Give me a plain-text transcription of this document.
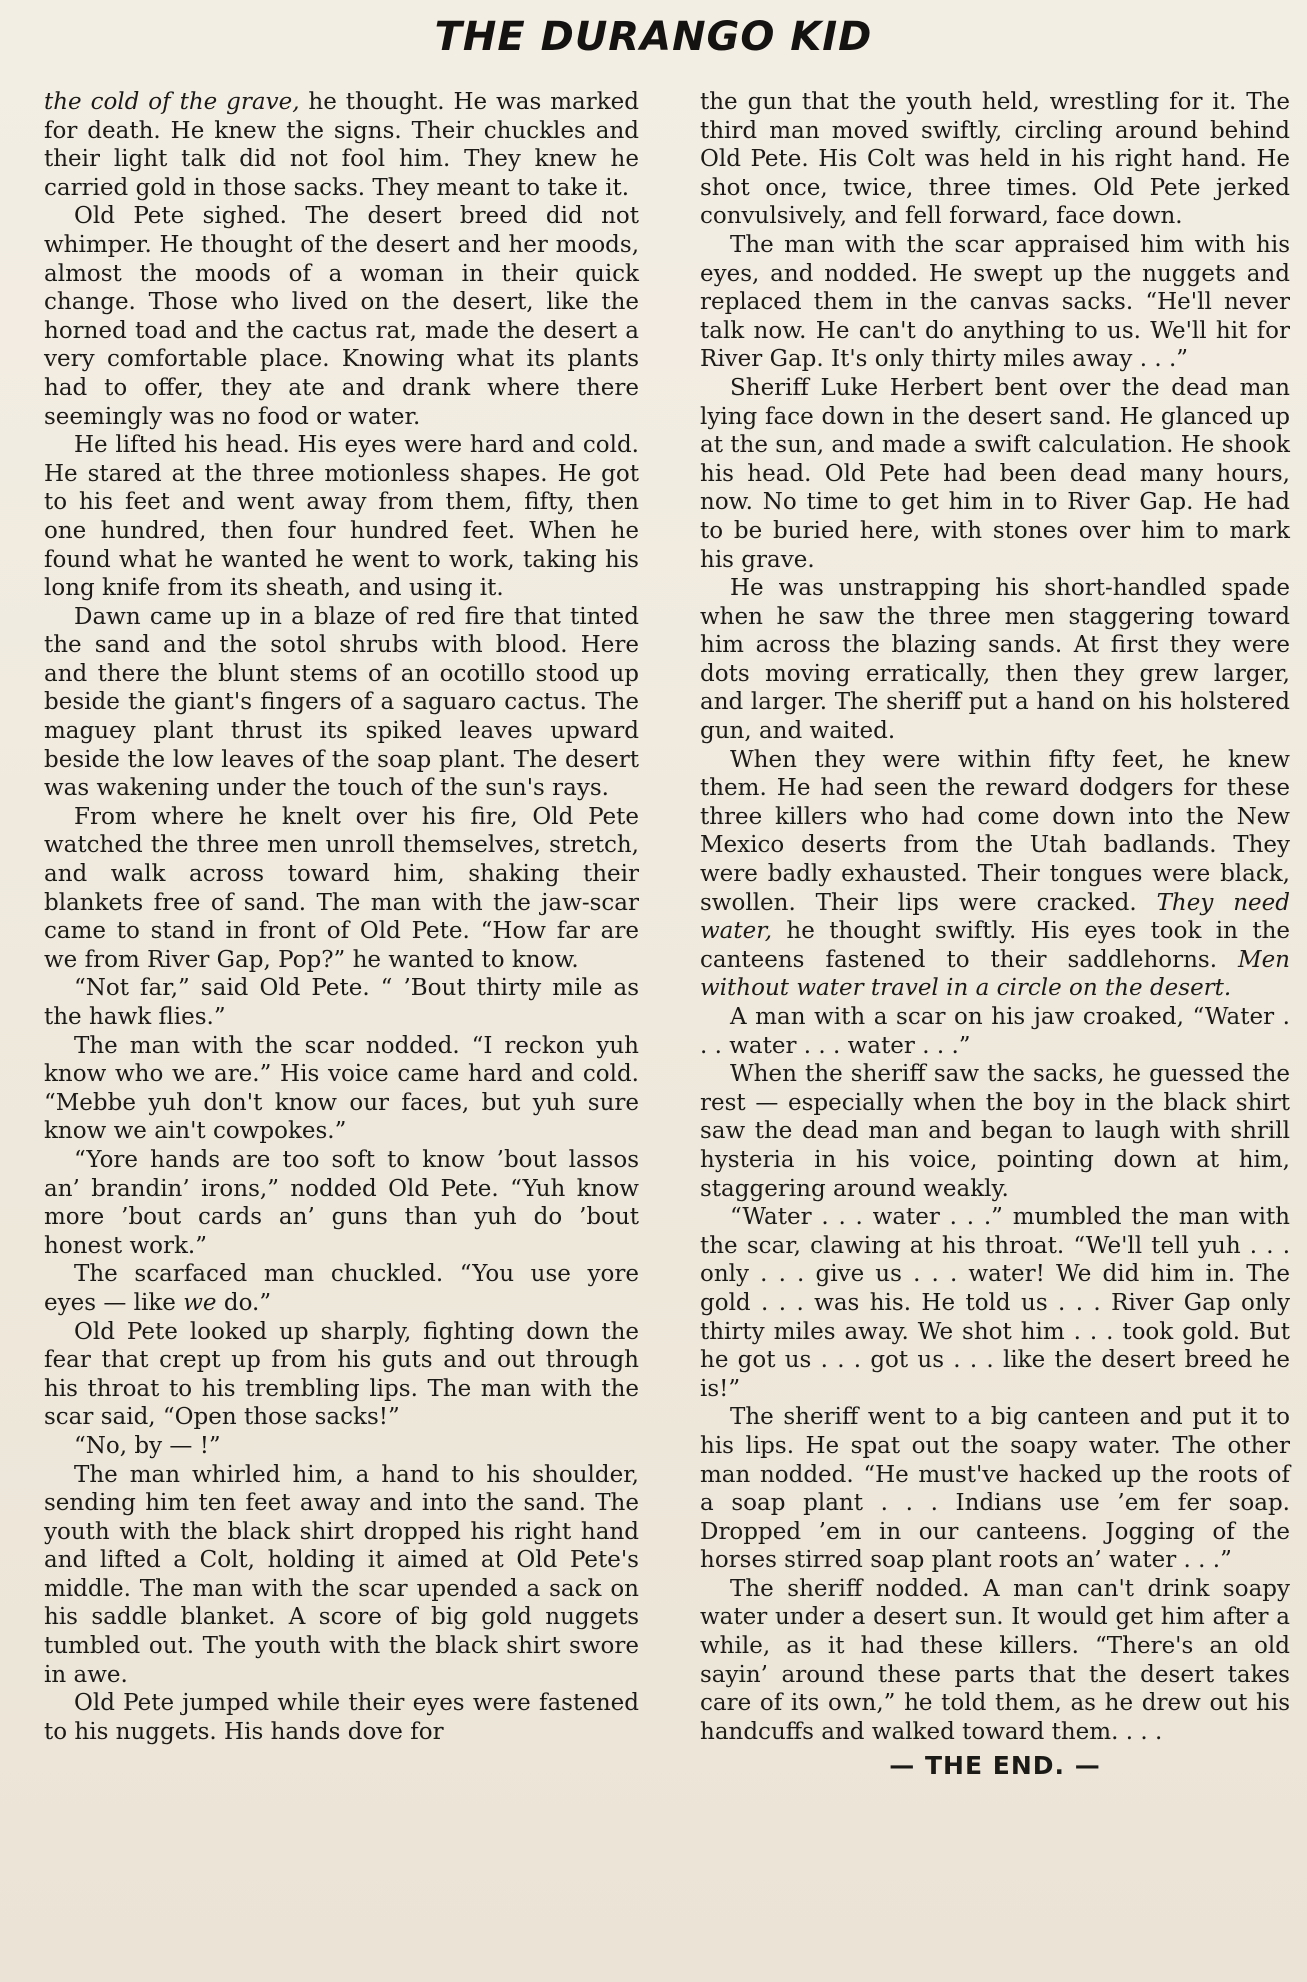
THE DURANGO KID

the cold of the grave, he thought. He was marked for death. He knew the signs. Their chuckles and their light talk did not fool him. They knew he carried gold in those sacks. They meant to take it.

Old Pete sighed. The desert breed did not whimper. He thought of the desert and her moods, almost the moods of a woman in their quick change. Those who lived on the desert, like the horned toad and the cactus rat, made the desert a very comfortable place. Knowing what its plants had to offer, they ate and drank where there seemingly was no food or water.

He lifted his head. His eyes were hard and cold. He stared at the three motionless shapes. He got to his feet and went away from them, fifty, then one hundred, then four hundred feet. When he found what he wanted he went to work, taking his long knife from its sheath, and using it.

Dawn came up in a blaze of red fire that tinted the sand and the sotol shrubs with blood. Here and there the blunt stems of an ocotillo stood up beside the giant's fingers of a saguaro cactus. The maguey plant thrust its spiked leaves upward beside the low leaves of the soap plant. The desert was wakening under the touch of the sun's rays.

From where he knelt over his fire, Old Pete watched the three men unroll themselves, stretch, and walk across toward him, shaking their blankets free of sand. The man with the jaw-scar came to stand in front of Old Pete. “How far are we from River Gap, Pop?” he wanted to know.

“Not far,” said Old Pete. “ ’Bout thirty mile as the hawk flies.”

The man with the scar nodded. “I reckon yuh know who we are.” His voice came hard and cold. “Mebbe yuh don't know our faces, but yuh sure know we ain't cowpokes.”

“Yore hands are too soft to know ’bout lassos an’ brandin’ irons,” nodded Old Pete. “Yuh know more ’bout cards an’ guns than yuh do ’bout honest work.”

The scarfaced man chuckled. “You use yore eyes — like we do.”

Old Pete looked up sharply, fighting down the fear that crept up from his guts and out through his throat to his trembling lips. The man with the scar said, “Open those sacks!”

“No, by — !”

The man whirled him, a hand to his shoulder, sending him ten feet away and into the sand. The youth with the black shirt dropped his right hand and lifted a Colt, holding it aimed at Old Pete's middle. The man with the scar upended a sack on his saddle blanket. A score of big gold nuggets tumbled out. The youth with the black shirt swore in awe.

Old Pete jumped while their eyes were fastened to his nuggets. His hands dove for

the gun that the youth held, wrestling for it. The third man moved swiftly, circling around behind Old Pete. His Colt was held in his right hand. He shot once, twice, three times. Old Pete jerked convulsively, and fell forward, face down.

The man with the scar appraised him with his eyes, and nodded. He swept up the nuggets and replaced them in the canvas sacks. “He'll never talk now. He can't do anything to us. We'll hit for River Gap. It's only thirty miles away . . .”

Sheriff Luke Herbert bent over the dead man lying face down in the desert sand. He glanced up at the sun, and made a swift calculation. He shook his head. Old Pete had been dead many hours, now. No time to get him in to River Gap. He had to be buried here, with stones over him to mark his grave.

He was unstrapping his short-handled spade when he saw the three men staggering toward him across the blazing sands. At first they were dots moving erratically, then they grew larger, and larger. The sheriff put a hand on his holstered gun, and waited.

When they were within fifty feet, he knew them. He had seen the reward dodgers for these three killers who had come down into the New Mexico deserts from the Utah badlands. They were badly exhausted. Their tongues were black, swollen. Their lips were cracked. They need water, he thought swiftly. His eyes took in the canteens fastened to their saddlehorns. Men without water travel in a circle on the desert.

A man with a scar on his jaw croaked, “Water . . . water . . . water . . .”

When the sheriff saw the sacks, he guessed the rest — especially when the boy in the black shirt saw the dead man and began to laugh with shrill hysteria in his voice, pointing down at him, staggering around weakly.

“Water . . . water . . .” mumbled the man with the scar, clawing at his throat. “We'll tell yuh . . . only . . . give us . . . water! We did him in. The gold . . . was his. He told us . . . River Gap only thirty miles away. We shot him . . . took gold. But he got us . . . got us . . . like the desert breed he is!”

The sheriff went to a big canteen and put it to his lips. He spat out the soapy water. The other man nodded. “He must've hacked up the roots of a soap plant . . . Indians use ’em fer soap. Dropped ’em in our canteens. Jogging of the horses stirred soap plant roots an’ water . . .”

The sheriff nodded. A man can't drink soapy water under a desert sun. It would get him after a while, as it had these killers. “There's an old sayin’ around these parts that the desert takes care of its own,” he told them, as he drew out his handcuffs and walked toward them. . . .

— THE END. —
